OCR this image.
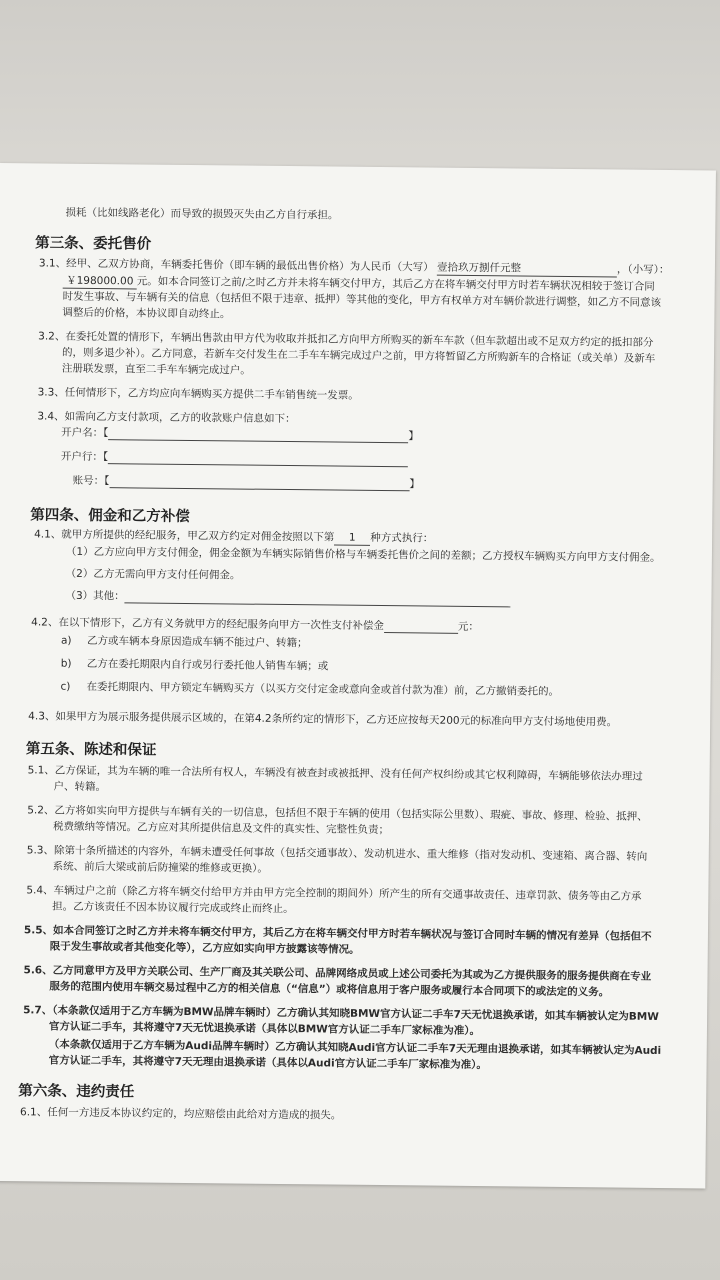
损耗（比如线路老化）而导致的损毁灭失由乙方自行承担。
第三条、委托售价
3.1、经甲、乙双方协商，车辆委托售价（即车辆的最低出售价格）为人民币（大写） 壹拾玖万捌仟元整	，（小写）：
￥198000.00 元。如本合同签订之前/之时乙方并未将车辆交付甲方，其后乙方在将车辆交付甲方时若车辆状况相较于签订合同
时发生事故、与车辆有关的信息（包括但不限于违章、抵押）等其他的变化，甲方有权单方对车辆价款进行调整，如乙方不同意该
调整后的价格，本协议即自动终止。
3.2、在委托处置的情形下，车辆出售款由甲方代为收取并抵扣乙方向甲方所购买的新车车款（但车款超出或不足双方约定的抵扣部分
的，则多退少补）。乙方同意，若新车交付发生在二手车车辆完成过户之前，甲方将暂留乙方所购新车的合格证（或关单）及新车
注册联发票，直至二手车车辆完成过户。
3.3、任何情形下，乙方均应向车辆购买方提供二手车销售统一发票。
3.4、如需向乙方支付款项，乙方的收款账户信息如下：
开户名：【	】
开户行：【
账号：【	】
第四条、佣金和乙方补偿
4.1、就甲方所提供的经纪服务，甲乙双方约定对佣金按照以下第 1 种方式执行：
（1）乙方应向甲方支付佣金，佣金金额为车辆实际销售价格与车辆委托售价之间的差额；乙方授权车辆购买方向甲方支付佣金。
（2）乙方无需向甲方支付任何佣金。
（3）其他：
4.2、在以下情形下，乙方有义务就甲方的经纪服务向甲方一次性支付补偿金	元：
a) 乙方或车辆本身原因造成车辆不能过户、转籍；
b) 乙方在委托期限内自行或另行委托他人销售车辆；或
c) 在委托期限内、甲方锁定车辆购买方（以买方交付定金或意向金或首付款为准）前，乙方撤销委托的。
4.3、如果甲方为展示服务提供展示区域的，在第4.2条所约定的情形下，乙方还应按每天200元的标准向甲方支付场地使用费。
第五条、陈述和保证
5.1、乙方保证，其为车辆的唯一合法所有权人，车辆没有被查封或被抵押、没有任何产权纠纷或其它权利障碍，车辆能够依法办理过
户、转籍。
5.2、乙方将如实向甲方提供与车辆有关的一切信息，包括但不限于车辆的使用（包括实际公里数）、瑕疵、事故、修理、检验、抵押、
税费缴纳等情况。乙方应对其所提供信息及文件的真实性、完整性负责；
5.3、除第十条所描述的内容外，车辆未遭受任何事故（包括交通事故）、发动机进水、重大维修（指对发动机、变速箱、离合器、转向
系统、前后大梁或前后防撞梁的维修或更换）。
5.4、车辆过户之前（除乙方将车辆交付给甲方并由甲方完全控制的期间外）所产生的所有交通事故责任、违章罚款、债务等由乙方承
担。乙方该责任不因本协议履行完成或终止而终止。
5.5、如本合同签订之时乙方并未将车辆交付甲方，其后乙方在将车辆交付甲方时若车辆状况与签订合同时车辆的情况有差异（包括但不
限于发生事故或者其他变化等），乙方应如实向甲方披露该等情况。
5.6、乙方同意甲方及甲方关联公司、生产厂商及其关联公司、品牌网络成员或上述公司委托为其或为乙方提供服务的服务提供商在专业
服务的范围内使用车辆交易过程中乙方的相关信息（“信息”）或将信息用于客户服务或履行本合同项下的或法定的义务。
5.7、（本条款仅适用于乙方车辆为BMW品牌车辆时）乙方确认其知晓BMW官方认证二手车7天无忧退换承诺，如其车辆被认定为BMW
官方认证二手车，其将遵守7天无忧退换承诺（具体以BMW官方认证二手车厂家标准为准）。
（本条款仅适用于乙方车辆为Audi品牌车辆时）乙方确认其知晓Audi官方认证二手车7天无理由退换承诺，如其车辆被认定为Audi
官方认证二手车，其将遵守7天无理由退换承诺（具体以Audi官方认证二手车厂家标准为准）。
第六条、违约责任
6.1、任何一方违反本协议约定的，均应赔偿由此给对方造成的损失。
